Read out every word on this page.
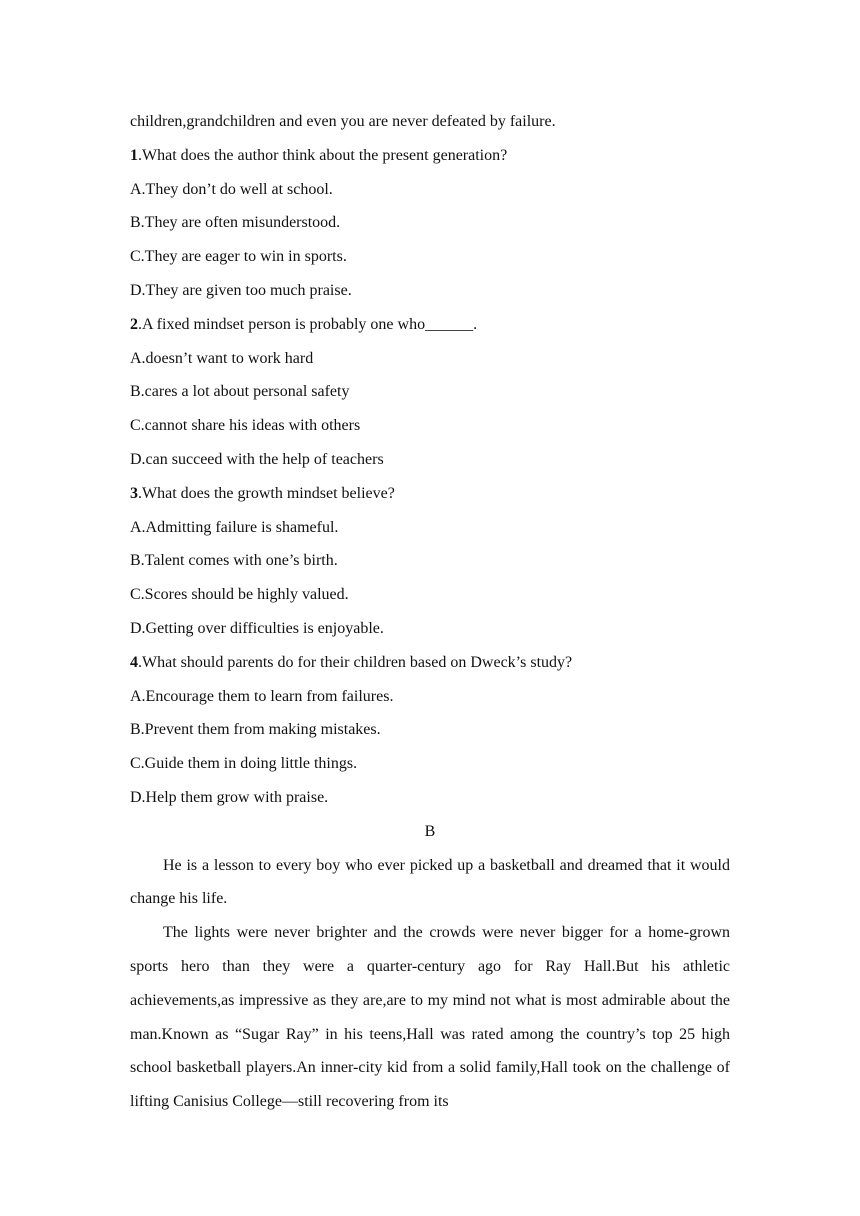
children,grandchildren and even you are never defeated by failure.
1.What does the author think about the present generation?
A.They don’t do well at school.
B.They are often misunderstood.
C.They are eager to win in sports.
D.They are given too much praise.
2.A fixed mindset person is probably one who______.
A.doesn’t want to work hard
B.cares a lot about personal safety
C.cannot share his ideas with others
D.can succeed with the help of teachers
3.What does the growth mindset believe?
A.Admitting failure is shameful.
B.Talent comes with one’s birth.
C.Scores should be highly valued.
D.Getting over difficulties is enjoyable.
4.What should parents do for their children based on Dweck’s study?
A.Encourage them to learn from failures.
B.Prevent them from making mistakes.
C.Guide them in doing little things.
D.Help them grow with praise.
B

He is a lesson to every boy who ever picked up a basketball and dreamed that it would change his life.

The lights were never brighter and the crowds were never bigger for a home-grown sports hero than they were a quarter-century ago for Ray Hall.But his athletic achievements,as impressive as they are,are to my mind not what is most admirable about the man.Known as “Sugar Ray” in his teens,Hall was rated among the country’s top 25 high school basketball players.An inner-city kid from a solid family,Hall took on the challenge of lifting Canisius College—still recovering from its
